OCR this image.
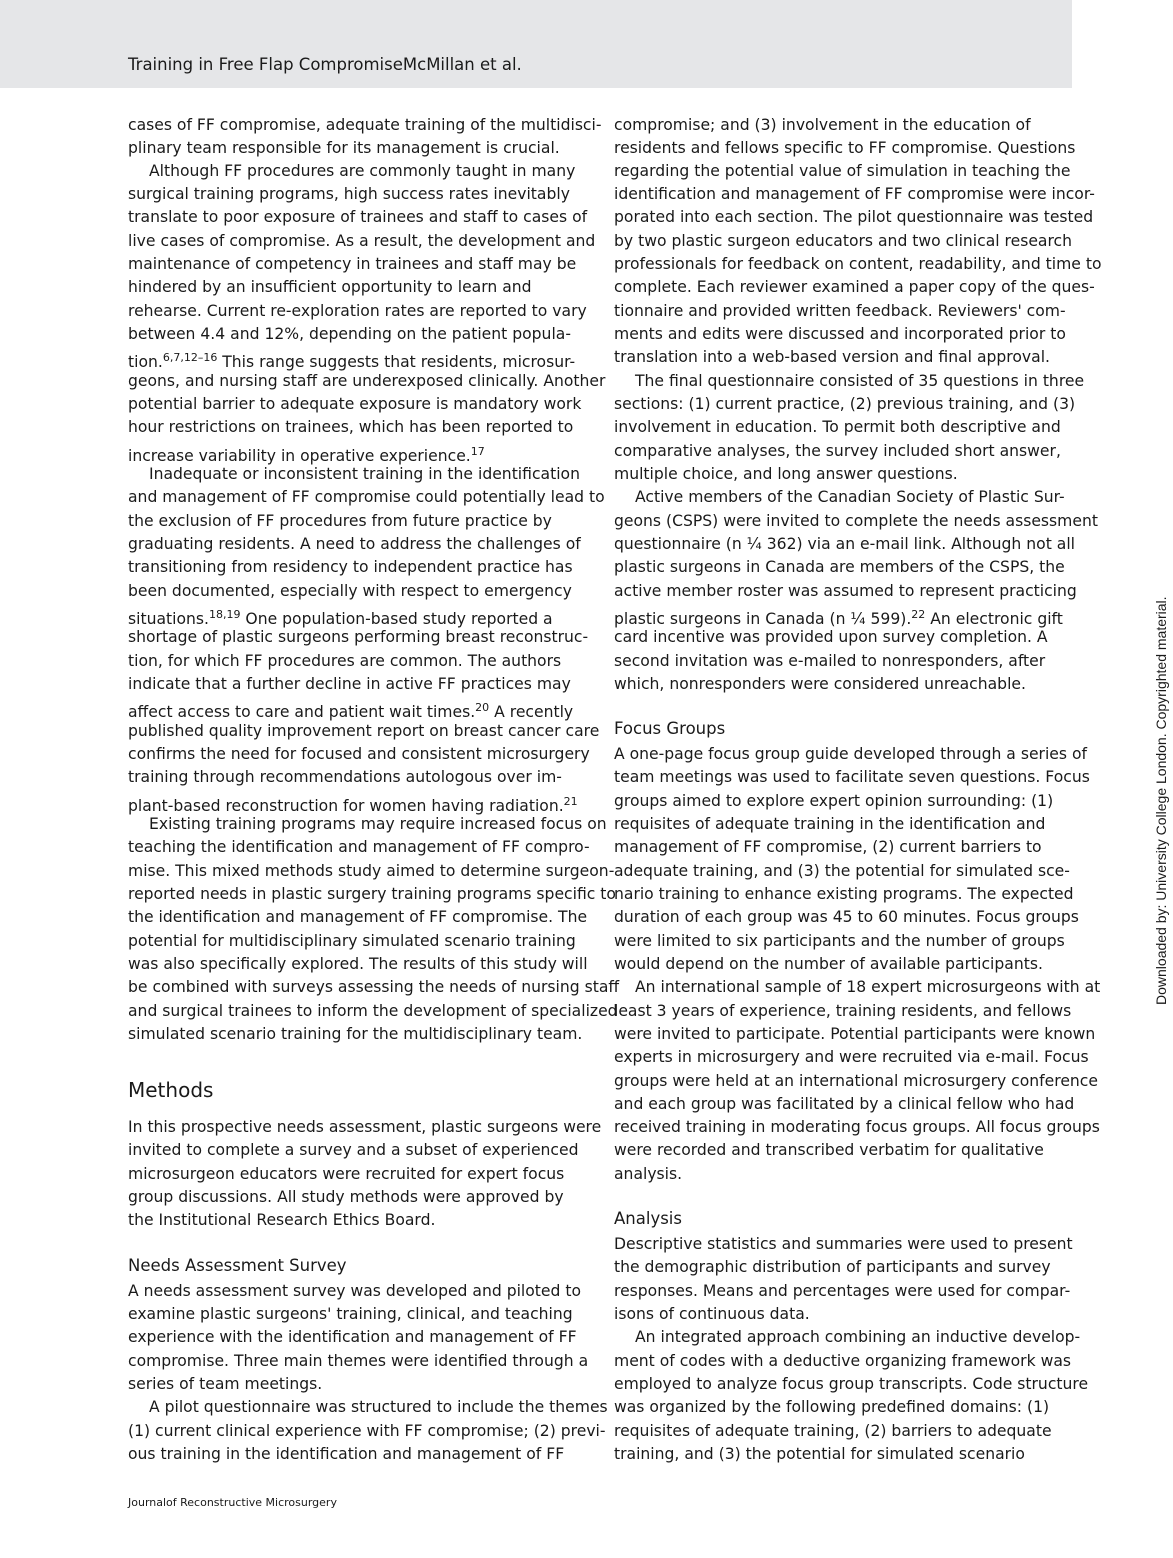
Training in Free Flap CompromiseMcMillan et al.
cases of FF compromise, adequate training of the multidisci-
plinary team responsible for its management is crucial.
Although FF procedures are commonly taught in many
surgical training programs, high success rates inevitably
translate to poor exposure of trainees and staff to cases of
live cases of compromise. As a result, the development and
maintenance of competency in trainees and staff may be
hindered by an insufficient opportunity to learn and
rehearse. Current re-exploration rates are reported to vary
between 4.4 and 12%, depending on the patient popula-
tion.$^{6,7,12-16}$ This range suggests that residents, microsur-
geons, and nursing staff are underexposed clinically. Another
potential barrier to adequate exposure is mandatory work
hour restrictions on trainees, which has been reported to
increase variability in operative experience.$^{17}$
Inadequate or inconsistent training in the identification
and management of FF compromise could potentially lead to
the exclusion of FF procedures from future practice by
graduating residents. A need to address the challenges of
transitioning from residency to independent practice has
been documented, especially with respect to emergency
situations.$^{18,19}$ One population-based study reported a
shortage of plastic surgeons performing breast reconstruc-
tion, for which FF procedures are common. The authors
indicate that a further decline in active FF practices may
affect access to care and patient wait times.$^{20}$ A recently
published quality improvement report on breast cancer care
confirms the need for focused and consistent microsurgery
training through recommendations autologous over im-
plant-based reconstruction for women having radiation.$^{21}$
Existing training programs may require increased focus on
teaching the identification and management of FF compro-
mise. This mixed methods study aimed to determine surgeon-
reported needs in plastic surgery training programs specific to
the identification and management of FF compromise. The
potential for multidisciplinary simulated scenario training
was also specifically explored. The results of this study will
be combined with surveys assessing the needs of nursing staff
and surgical trainees to inform the development of specialized
simulated scenario training for the multidisciplinary team.
Methods
In this prospective needs assessment, plastic surgeons were
invited to complete a survey and a subset of experienced
microsurgeon educators were recruited for expert focus
group discussions. All study methods were approved by
the Institutional Research Ethics Board.
Needs Assessment Survey
A needs assessment survey was developed and piloted to
examine plastic surgeons' training, clinical, and teaching
experience with the identification and management of FF
compromise. Three main themes were identified through a
series of team meetings.
A pilot questionnaire was structured to include the themes
(1) current clinical experience with FF compromise; (2) previ-
ous training in the identification and management of FF
compromise; and (3) involvement in the education of
residents and fellows specific to FF compromise. Questions
regarding the potential value of simulation in teaching the
identification and management of FF compromise were incor-
porated into each section. The pilot questionnaire was tested
by two plastic surgeon educators and two clinical research
professionals for feedback on content, readability, and time to
complete. Each reviewer examined a paper copy of the ques-
tionnaire and provided written feedback. Reviewers' com-
ments and edits were discussed and incorporated prior to
translation into a web-based version and final approval.
The final questionnaire consisted of 35 questions in three
sections: (1) current practice, (2) previous training, and (3)
involvement in education. To permit both descriptive and
comparative analyses, the survey included short answer,
multiple choice, and long answer questions.
Active members of the Canadian Society of Plastic Sur-
geons (CSPS) were invited to complete the needs assessment
questionnaire (n ¼ 362) via an e-mail link. Although not all
plastic surgeons in Canada are members of the CSPS, the
active member roster was assumed to represent practicing
plastic surgeons in Canada (n ¼ 599).$^{22}$ An electronic gift
card incentive was provided upon survey completion. A
second invitation was e-mailed to nonresponders, after
which, nonresponders were considered unreachable.
Focus Groups
A one-page focus group guide developed through a series of
team meetings was used to facilitate seven questions. Focus
groups aimed to explore expert opinion surrounding: (1)
requisites of adequate training in the identification and
management of FF compromise, (2) current barriers to
adequate training, and (3) the potential for simulated sce-
nario training to enhance existing programs. The expected
duration of each group was 45 to 60 minutes. Focus groups
were limited to six participants and the number of groups
would depend on the number of available participants.
An international sample of 18 expert microsurgeons with at
least 3 years of experience, training residents, and fellows
were invited to participate. Potential participants were known
experts in microsurgery and were recruited via e-mail. Focus
groups were held at an international microsurgery conference
and each group was facilitated by a clinical fellow who had
received training in moderating focus groups. All focus groups
were recorded and transcribed verbatim for qualitative
analysis.
Analysis
Descriptive statistics and summaries were used to present
the demographic distribution of participants and survey
responses. Means and percentages were used for compar-
isons of continuous data.
An integrated approach combining an inductive develop-
ment of codes with a deductive organizing framework was
employed to analyze focus group transcripts. Code structure
was organized by the following predefined domains: (1)
requisites of adequate training, (2) barriers to adequate
training, and (3) the potential for simulated scenario
Journalof Reconstructive Microsurgery
Downloaded by: University College London. Copyrighted material.
